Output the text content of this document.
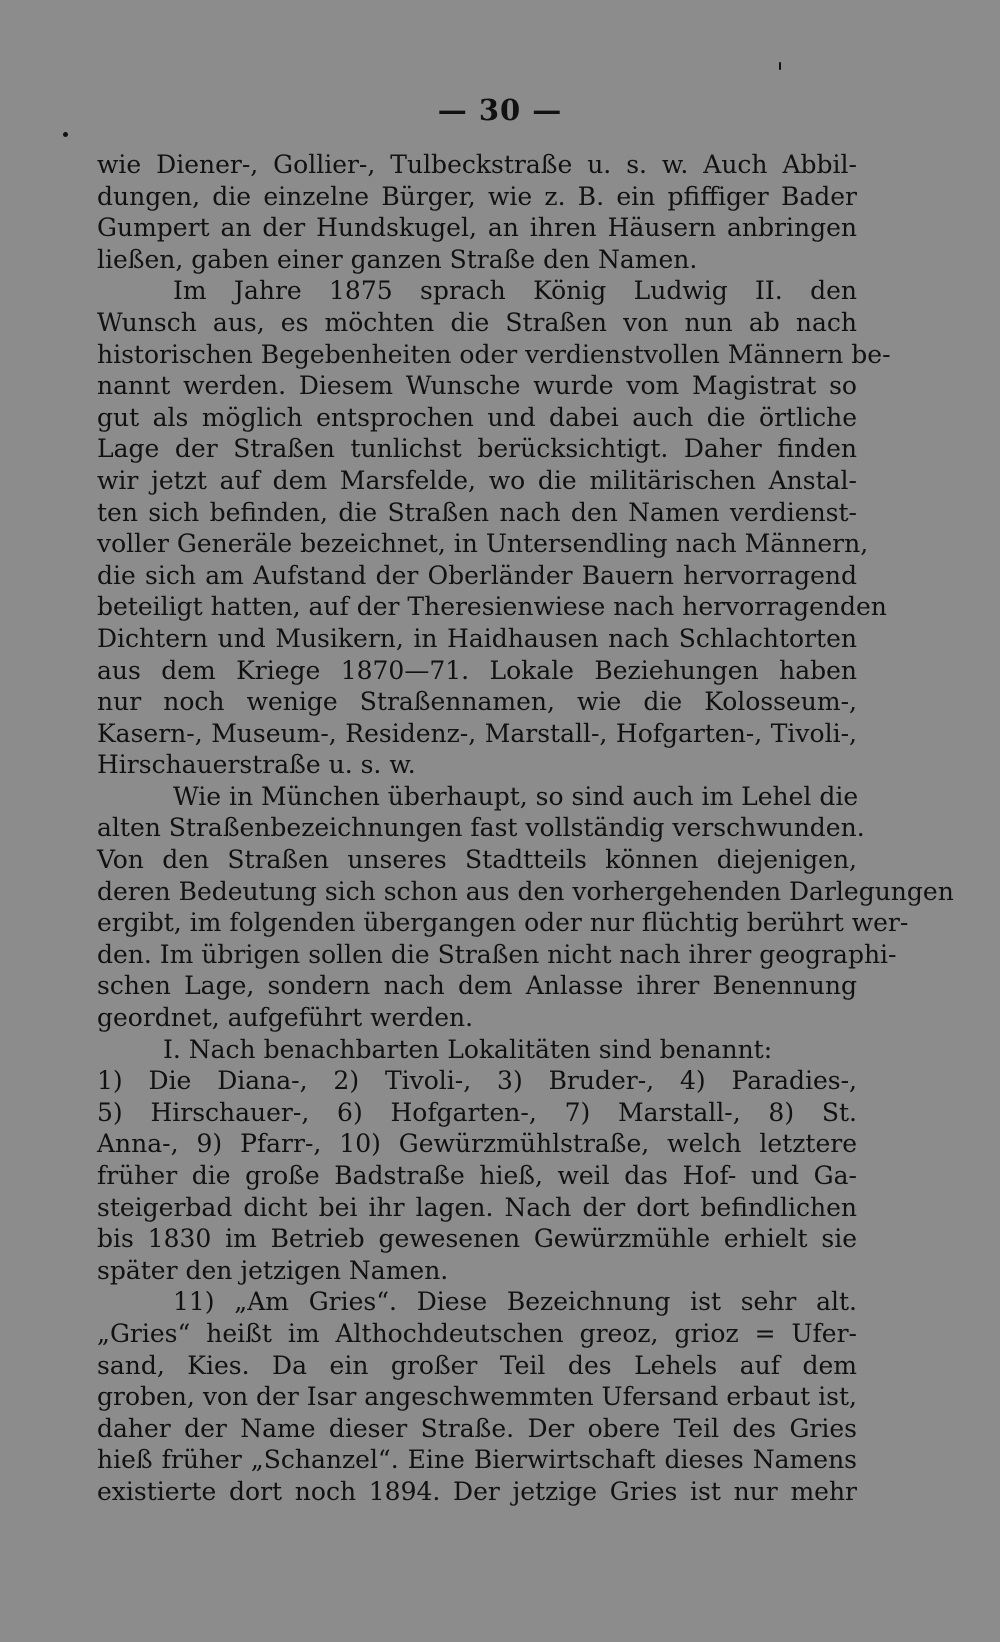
— 30 —
wie Diener-, Gollier-, Tulbeckstraße u. s. w. Auch Abbil-
dungen, die einzelne Bürger, wie z. B. ein pfiffiger Bader
Gumpert an der Hundskugel, an ihren Häusern anbringen
ließen, gaben einer ganzen Straße den Namen.
Im Jahre 1875 sprach König Ludwig II. den
Wunsch aus, es möchten die Straßen von nun ab nach
historischen Begebenheiten oder verdienstvollen Männern be-
nannt werden. Diesem Wunsche wurde vom Magistrat so
gut als möglich entsprochen und dabei auch die örtliche
Lage der Straßen tunlichst berücksichtigt. Daher finden
wir jetzt auf dem Marsfelde, wo die militärischen Anstal-
ten sich befinden, die Straßen nach den Namen verdienst-
voller Generäle bezeichnet, in Untersendling nach Männern,
die sich am Aufstand der Oberländer Bauern hervorragend
beteiligt hatten, auf der Theresienwiese nach hervorragenden
Dichtern und Musikern, in Haidhausen nach Schlachtorten
aus dem Kriege 1870—71. Lokale Beziehungen haben
nur noch wenige Straßennamen, wie die Kolosseum-,
Kasern-, Museum-, Residenz-, Marstall-, Hofgarten-, Tivoli-,
Hirschauerstraße u. s. w.
Wie in München überhaupt, so sind auch im Lehel die
alten Straßenbezeichnungen fast vollständig verschwunden.
Von den Straßen unseres Stadtteils können diejenigen,
deren Bedeutung sich schon aus den vorhergehenden Darlegungen
ergibt, im folgenden übergangen oder nur flüchtig berührt wer-
den. Im übrigen sollen die Straßen nicht nach ihrer geographi-
schen Lage, sondern nach dem Anlasse ihrer Benennung
geordnet, aufgeführt werden.
I. Nach benachbarten Lokalitäten sind benannt:
1) Die Diana-, 2) Tivoli-, 3) Bruder-, 4) Paradies-,
5) Hirschauer-, 6) Hofgarten-, 7) Marstall-, 8) St.
Anna-, 9) Pfarr-, 10) Gewürzmühlstraße, welch letztere
früher die große Badstraße hieß, weil das Hof- und Ga-
steigerbad dicht bei ihr lagen. Nach der dort befindlichen
bis 1830 im Betrieb gewesenen Gewürzmühle erhielt sie
später den jetzigen Namen.
11) „Am Gries“. Diese Bezeichnung ist sehr alt.
„Gries“ heißt im Althochdeutschen greoz, grioz = Ufer-
sand, Kies. Da ein großer Teil des Lehels auf dem
groben, von der Isar angeschwemmten Ufersand erbaut ist,
daher der Name dieser Straße. Der obere Teil des Gries
hieß früher „Schanzel“. Eine Bierwirtschaft dieses Namens
existierte dort noch 1894. Der jetzige Gries ist nur mehr
